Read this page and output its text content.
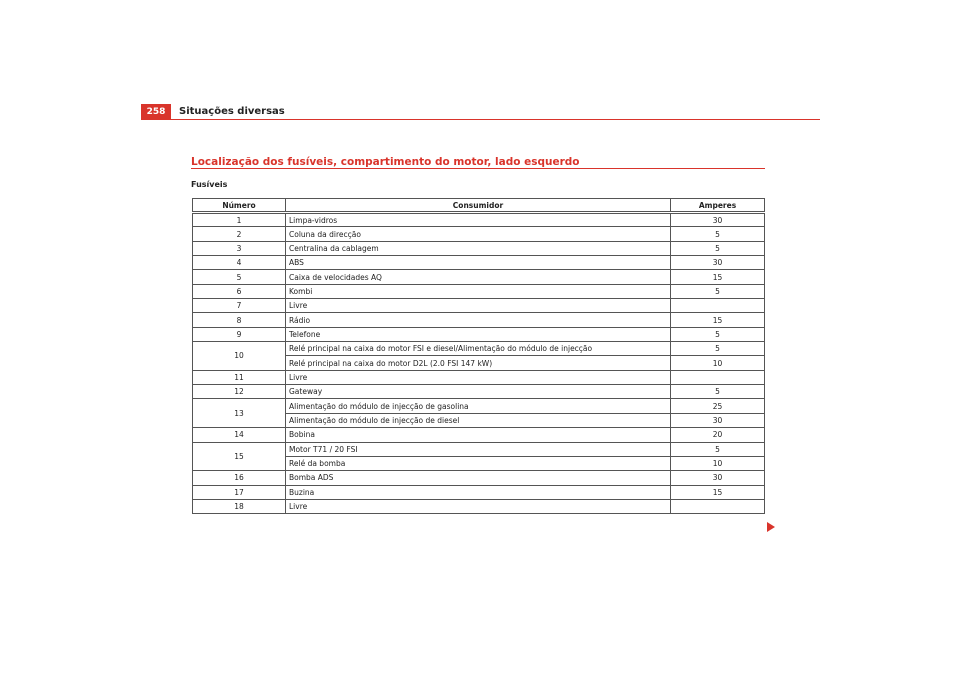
258	Situações diversas
Localização dos fusíveis, compartimento do motor, lado esquerdo
Fusíveis
Número	Consumidor	Amperes
1	Limpa-vidros	30
2	Coluna da direcção	5
3	Centralina da cablagem	5
4	ABS	30
5	Caixa de velocidades AQ	15
6	Kombi	5
7	Livre	
8	Rádio	15
9	Telefone	5
10	Relé principal na caixa do motor FSI e diesel/Alimentação do módulo de injecção	5
	Relé principal na caixa do motor D2L (2.0 FSI 147 kW)	10
11	Livre	
12	Gateway	5
13	Alimentação do módulo de injecção de gasolina	25
	Alimentação do módulo de injecção de diesel	30
14	Bobina	20
15	Motor T71 / 20 FSI	5
	Relé da bomba	10
16	Bomba ADS	30
17	Buzina	15
18	Livre	
